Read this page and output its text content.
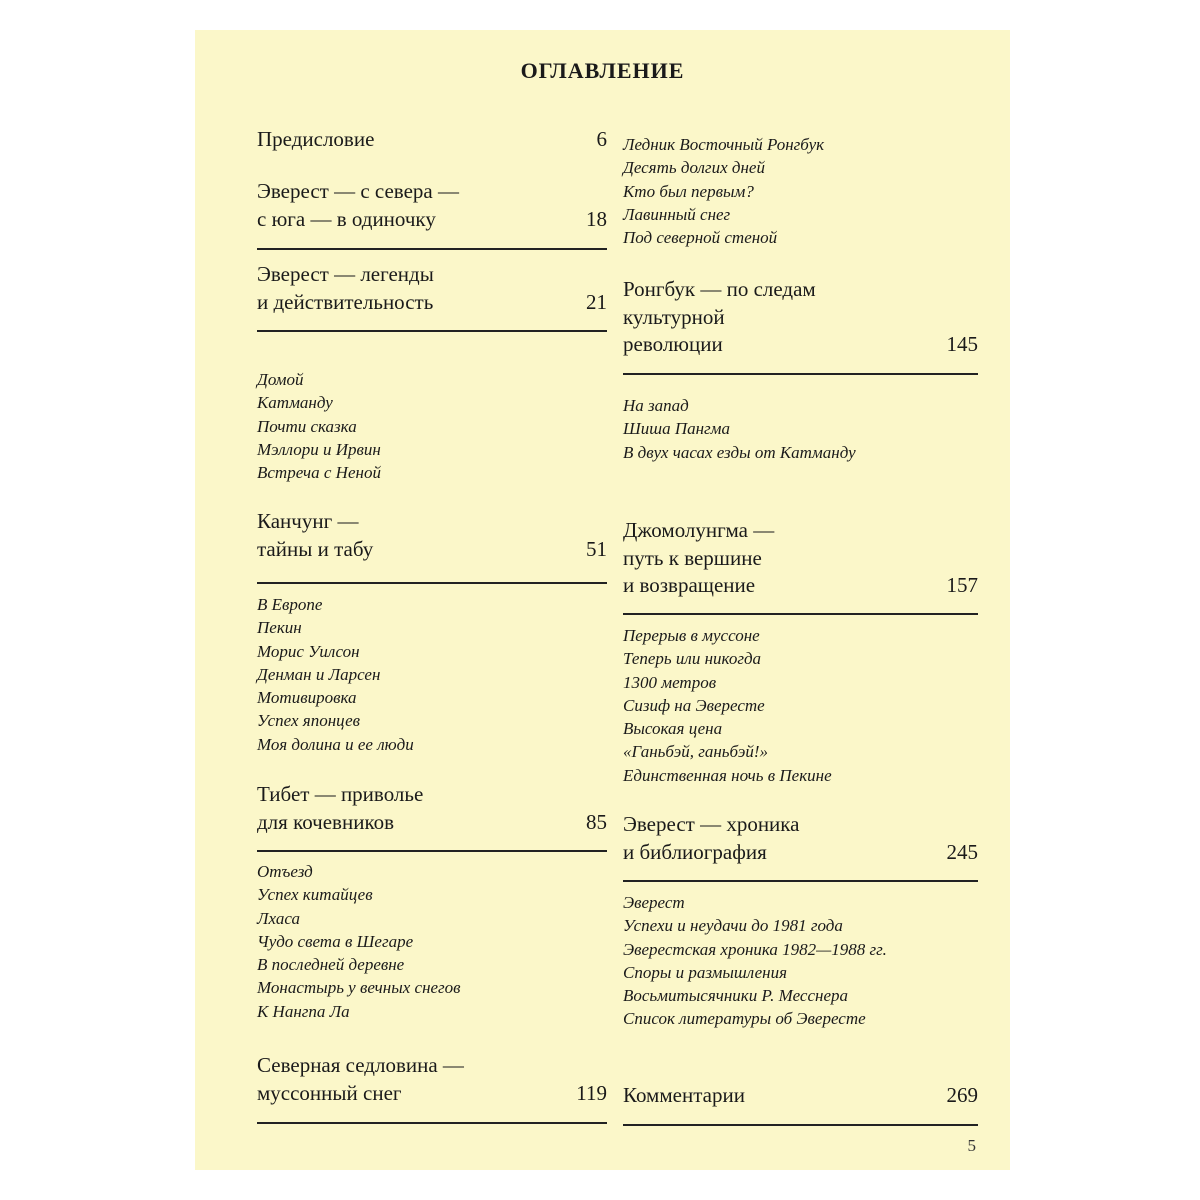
ОГЛАВЛЕНИЕ
Предисловие	6
Эверест — с севера —
с юга — в одиночку	18
Эверест — легенды
и действительность	21
Домой
Катманду
Почти сказка
Мэллори и Ирвин
Встреча с Неной
Канчунг —
тайны и табу	51
В Европе
Пекин
Морис Уилсон
Денман и Ларсен
Мотивировка
Успех японцев
Моя долина и ее люди
Тибет — приволье
для кочевников	85
Отъезд
Успех китайцев
Лхаса
Чудо света в Шегаре
В последней деревне
Монастырь у вечных снегов
К Нангпа Ла
Северная седловина —
муссонный снег	119
Ледник Восточный Ронгбук
Десять долгих дней
Кто был первым?
Лавинный снег
Под северной стеной
Ронгбук — по следам
культурной
революции	145
На запад
Шиша Пангма
В двух часах езды от Катманду
Джомолунгма —
путь к вершине
и возвращение	157
Перерыв в муссоне
Теперь или никогда
1300 метров
Сизиф на Эвересте
Высокая цена
«Ганьбэй, ганьбэй!»
Единственная ночь в Пекине
Эверест — хроника
и библиография	245
Эверест
Успехи и неудачи до 1981 года
Эверестская хроника 1982—1988 гг.
Споры и размышления
Восьмитысячники Р. Месснера
Список литературы об Эвересте
Комментарии	269
5
